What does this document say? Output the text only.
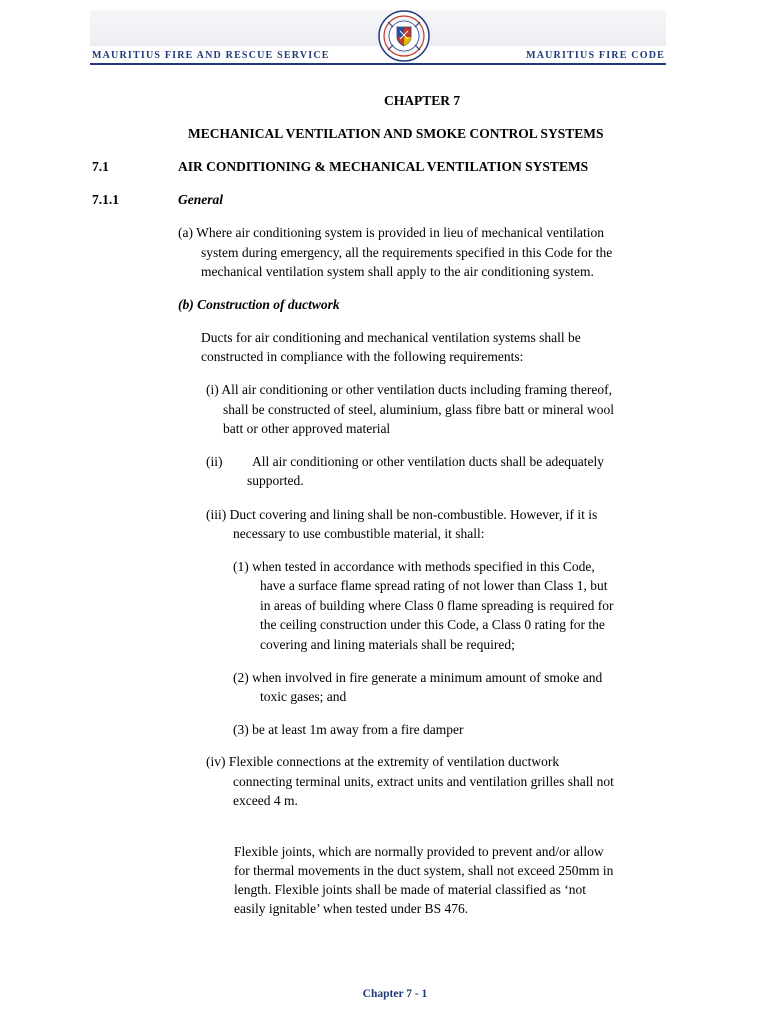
MAURITIUS FIRE AND RESCUE SERVICE	MAURITIUS FIRE CODE
CHAPTER 7
MECHANICAL VENTILATION AND SMOKE CONTROL SYSTEMS
7.1	AIR CONDITIONING & MECHANICAL VENTILATION SYSTEMS
7.1.1	General
(a) Where air conditioning system is provided in lieu of mechanical ventilation
system during emergency, all the requirements specified in this Code for the
mechanical ventilation system shall apply to the air conditioning system.
(b) Construction of ductwork
Ducts for air conditioning and mechanical ventilation systems shall be
constructed in compliance with the following requirements:
(i) All air conditioning or other ventilation ducts including framing thereof,
shall be constructed of steel, aluminium, glass fibre batt or mineral wool
batt or other approved material
(ii) All air conditioning or other ventilation ducts shall be adequately
supported.
(iii) Duct covering and lining shall be non-combustible. However, if it is
necessary to use combustible material, it shall:
(1) when tested in accordance with methods specified in this Code,
have a surface flame spread rating of not lower than Class 1, but
in areas of building where Class 0 flame spreading is required for
the ceiling construction under this Code, a Class 0 rating for the
covering and lining materials shall be required;
(2) when involved in fire generate a minimum amount of smoke and
toxic gases; and
(3) be at least 1m away from a fire damper
(iv) Flexible connections at the extremity of ventilation ductwork
connecting terminal units, extract units and ventilation grilles shall not
exceed 4 m.
Flexible joints, which are normally provided to prevent and/or allow
for thermal movements in the duct system, shall not exceed 250mm in
length. Flexible joints shall be made of material classified as ‘not
easily ignitable’ when tested under BS 476.
Chapter 7 - 1
